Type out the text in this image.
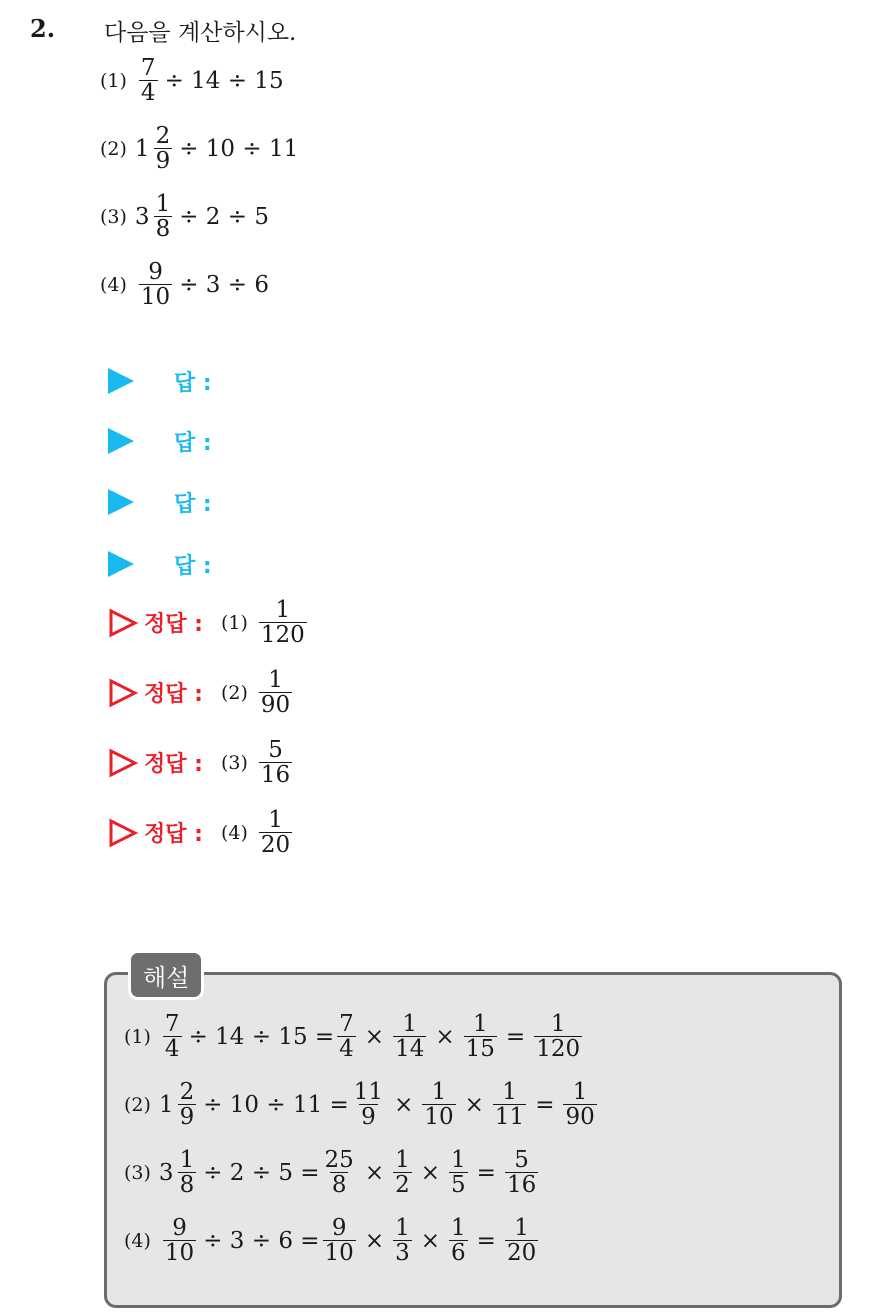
2. 다음을 계산하시오.
$(1) \frac{7}{4} \div 14 \div 15$
(2) $1 \frac{2}{9} \div 10 \div 11$
(3) $3 \frac{1}{8} \div 2 \div 5$
$(4) \frac{9}{10} \div 3 \div 6$
답 :
답 :
답 :
답 :
정답 : $(1) \frac{1}{120}$
정답 : $(2) \frac{1}{90}$
정답 : $(3) \frac{5}{16}$
정답 : $(4) \frac{1}{20}$
해설
$(1) \frac{7}{4} \div 14 \div 15 = \frac{7}{4} \times \frac{1}{14} \times \frac{1}{15} = \frac{1}{120}$
(2) $1 \frac{2}{9} \div 10 \div 11 = \frac{11}{9} \times \frac{1}{10} \times \frac{1}{11} = \frac{1}{90}$
(3) $3 \frac{1}{8} \div 2 \div 5 = \frac{25}{8} \times \frac{1}{2} \times \frac{1}{5} = \frac{5}{16}$
$(4) \frac{9}{10} \div 3 \div 6 = \frac{9}{10} \times \frac{1}{3} \times \frac{1}{6} = \frac{1}{20}$
